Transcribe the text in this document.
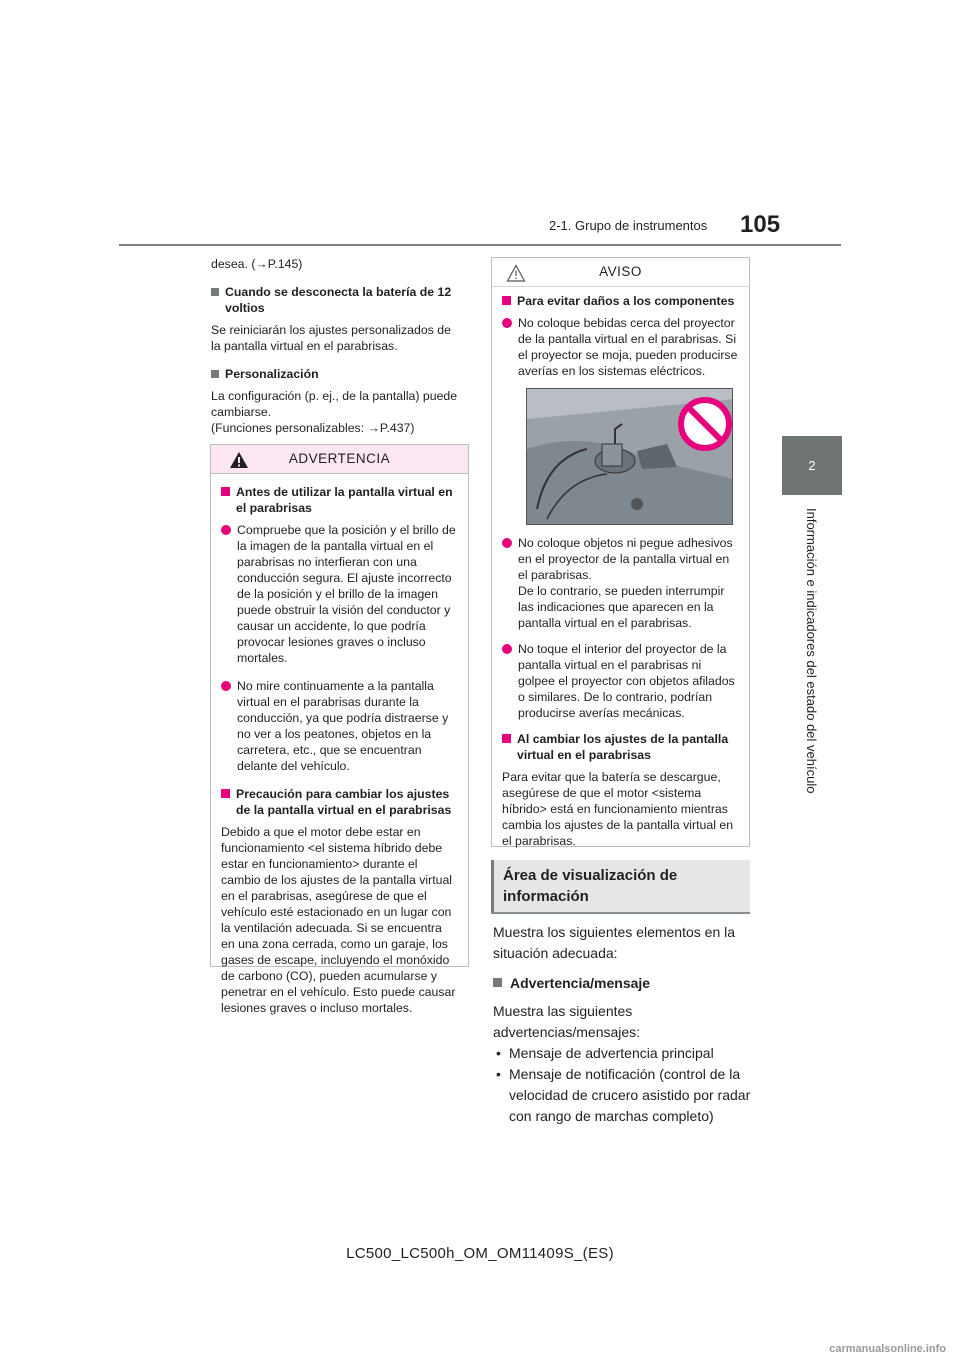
2-1. Grupo de instrumentos 105
2
Información e indicadores del estado del vehículo
desea. (→P.145)
Cuando se desconecta la batería de 12 voltios
Se reiniciarán los ajustes personalizados de la pantalla virtual en el parabrisas.
Personalización
La configuración (p. ej., de la pantalla) puede cambiarse.
(Funciones personalizables: →P.437)
ADVERTENCIA
Antes de utilizar la pantalla virtual en el parabrisas
Compruebe que la posición y el brillo de la imagen de la pantalla virtual en el parabrisas no interfieran con una conducción segura. El ajuste incorrecto de la posición y el brillo de la imagen puede obstruir la visión del conductor y causar un accidente, lo que podría provocar lesiones graves o incluso mortales.
No mire continuamente a la pantalla virtual en el parabrisas durante la conducción, ya que podría distraerse y no ver a los peatones, objetos en la carretera, etc., que se encuentran delante del vehículo.
Precaución para cambiar los ajustes de la pantalla virtual en el parabrisas
Debido a que el motor debe estar en funcionamiento <el sistema híbrido debe estar en funcionamiento> durante el cambio de los ajustes de la pantalla virtual en el parabrisas, asegúrese de que el vehículo esté estacionado en un lugar con la ventilación adecuada. Si se encuentra en una zona cerrada, como un garaje, los gases de escape, incluyendo el monóxido de carbono (CO), pueden acumularse y penetrar en el vehículo. Esto puede causar lesiones graves o incluso mortales.
AVISO
Para evitar daños a los componentes
No coloque bebidas cerca del proyector de la pantalla virtual en el parabrisas. Si el proyector se moja, pueden producirse averías en los sistemas eléctricos.
No coloque objetos ni pegue adhesivos en el proyector de la pantalla virtual en el parabrisas.
De lo contrario, se pueden interrumpir las indicaciones que aparecen en la pantalla virtual en el parabrisas.
No toque el interior del proyector de la pantalla virtual en el parabrisas ni golpee el proyector con objetos afilados o similares. De lo contrario, podrían producirse averías mecánicas.
Al cambiar los ajustes de la pantalla virtual en el parabrisas
Para evitar que la batería se descargue, asegúrese de que el motor <sistema híbrido> está en funcionamiento mientras cambia los ajustes de la pantalla virtual en el parabrisas.
Área de visualización de información
Muestra los siguientes elementos en la situación adecuada:
Advertencia/mensaje
Muestra las siguientes advertencias/mensajes:
• Mensaje de advertencia principal
• Mensaje de notificación (control de la velocidad de crucero asistido por radar con rango de marchas completo)
LC500_LC500h_OM_OM11409S_(ES)
carmanualsonline.info
